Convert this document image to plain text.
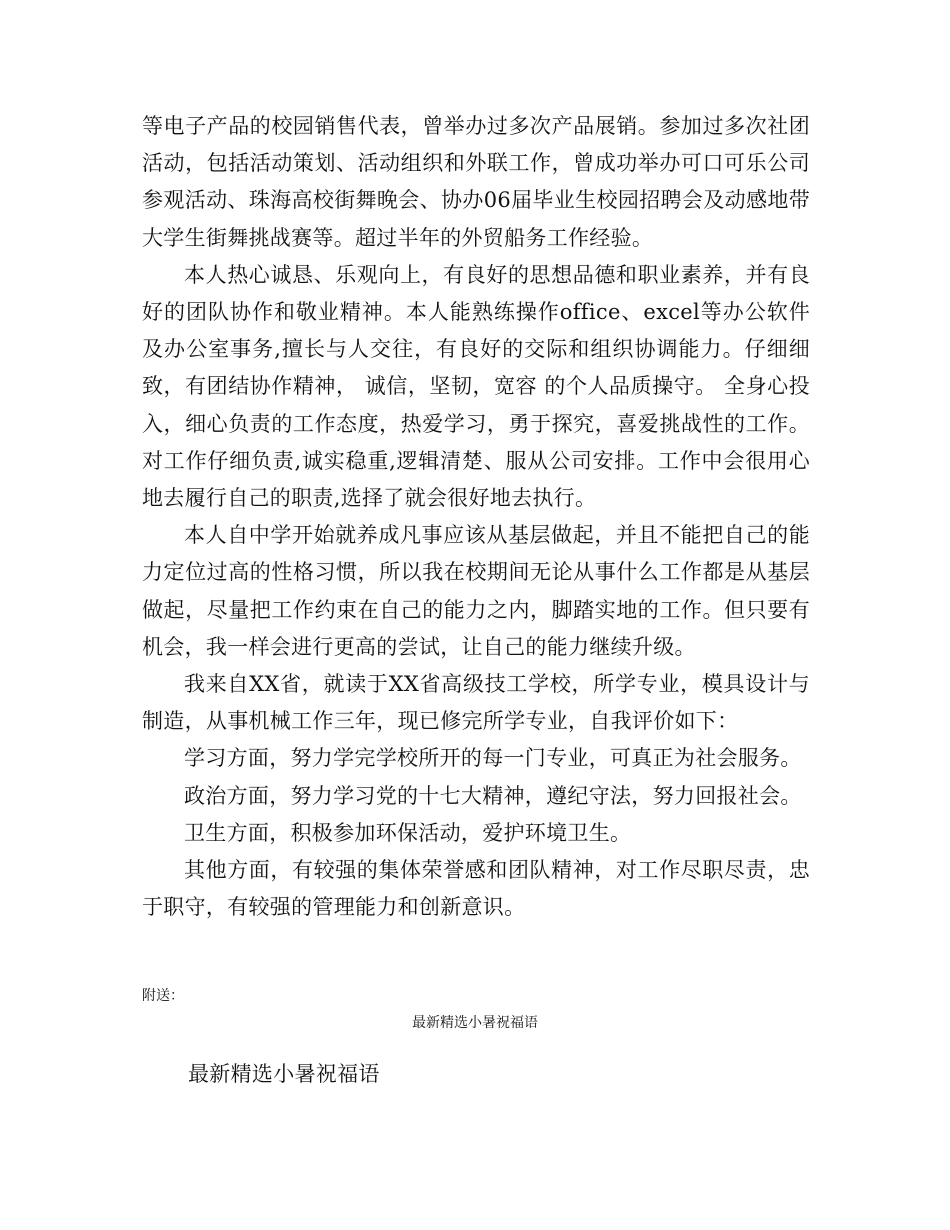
等电子产品的校园销售代表，曾举办过多次产品展销。参加过多次社团活动，包括活动策划、活动组织和外联工作，曾成功举办可口可乐公司参观活动、珠海高校街舞晚会、协办06届毕业生校园招聘会及动感地带大学生街舞挑战赛等。超过半年的外贸船务工作经验。

本人热心诚恳、乐观向上，有良好的思想品德和职业素养，并有良好的团队协作和敬业精神。本人能熟练操作office、excel等办公软件及办公室事务,擅长与人交往，有良好的交际和组织协调能力。仔细细致，有团结协作精神， 诚信，坚韧，宽容 的个人品质操守。 全身心投入，细心负责的工作态度，热爱学习，勇于探究，喜爱挑战性的工作。对工作仔细负责,诚实稳重,逻辑清楚、服从公司安排。工作中会很用心地去履行自己的职责,选择了就会很好地去执行。

本人自中学开始就养成凡事应该从基层做起，并且不能把自己的能力定位过高的性格习惯，所以我在校期间无论从事什么工作都是从基层做起，尽量把工作约束在自己的能力之内，脚踏实地的工作。但只要有机会，我一样会进行更高的尝试，让自己的能力继续升级。

我来自XX省，就读于XX省高级技工学校，所学专业，模具设计与制造，从事机械工作三年，现已修完所学专业，自我评价如下：

学习方面，努力学完学校所开的每一门专业，可真正为社会服务。

政治方面，努力学习党的十七大精神，遵纪守法，努力回报社会。

卫生方面，积极参加环保活动，爱护环境卫生。

其他方面，有较强的集体荣誉感和团队精神，对工作尽职尽责，忠于职守，有较强的管理能力和创新意识。

附送：
最新精选小暑祝福语
最新精选小暑祝福语
